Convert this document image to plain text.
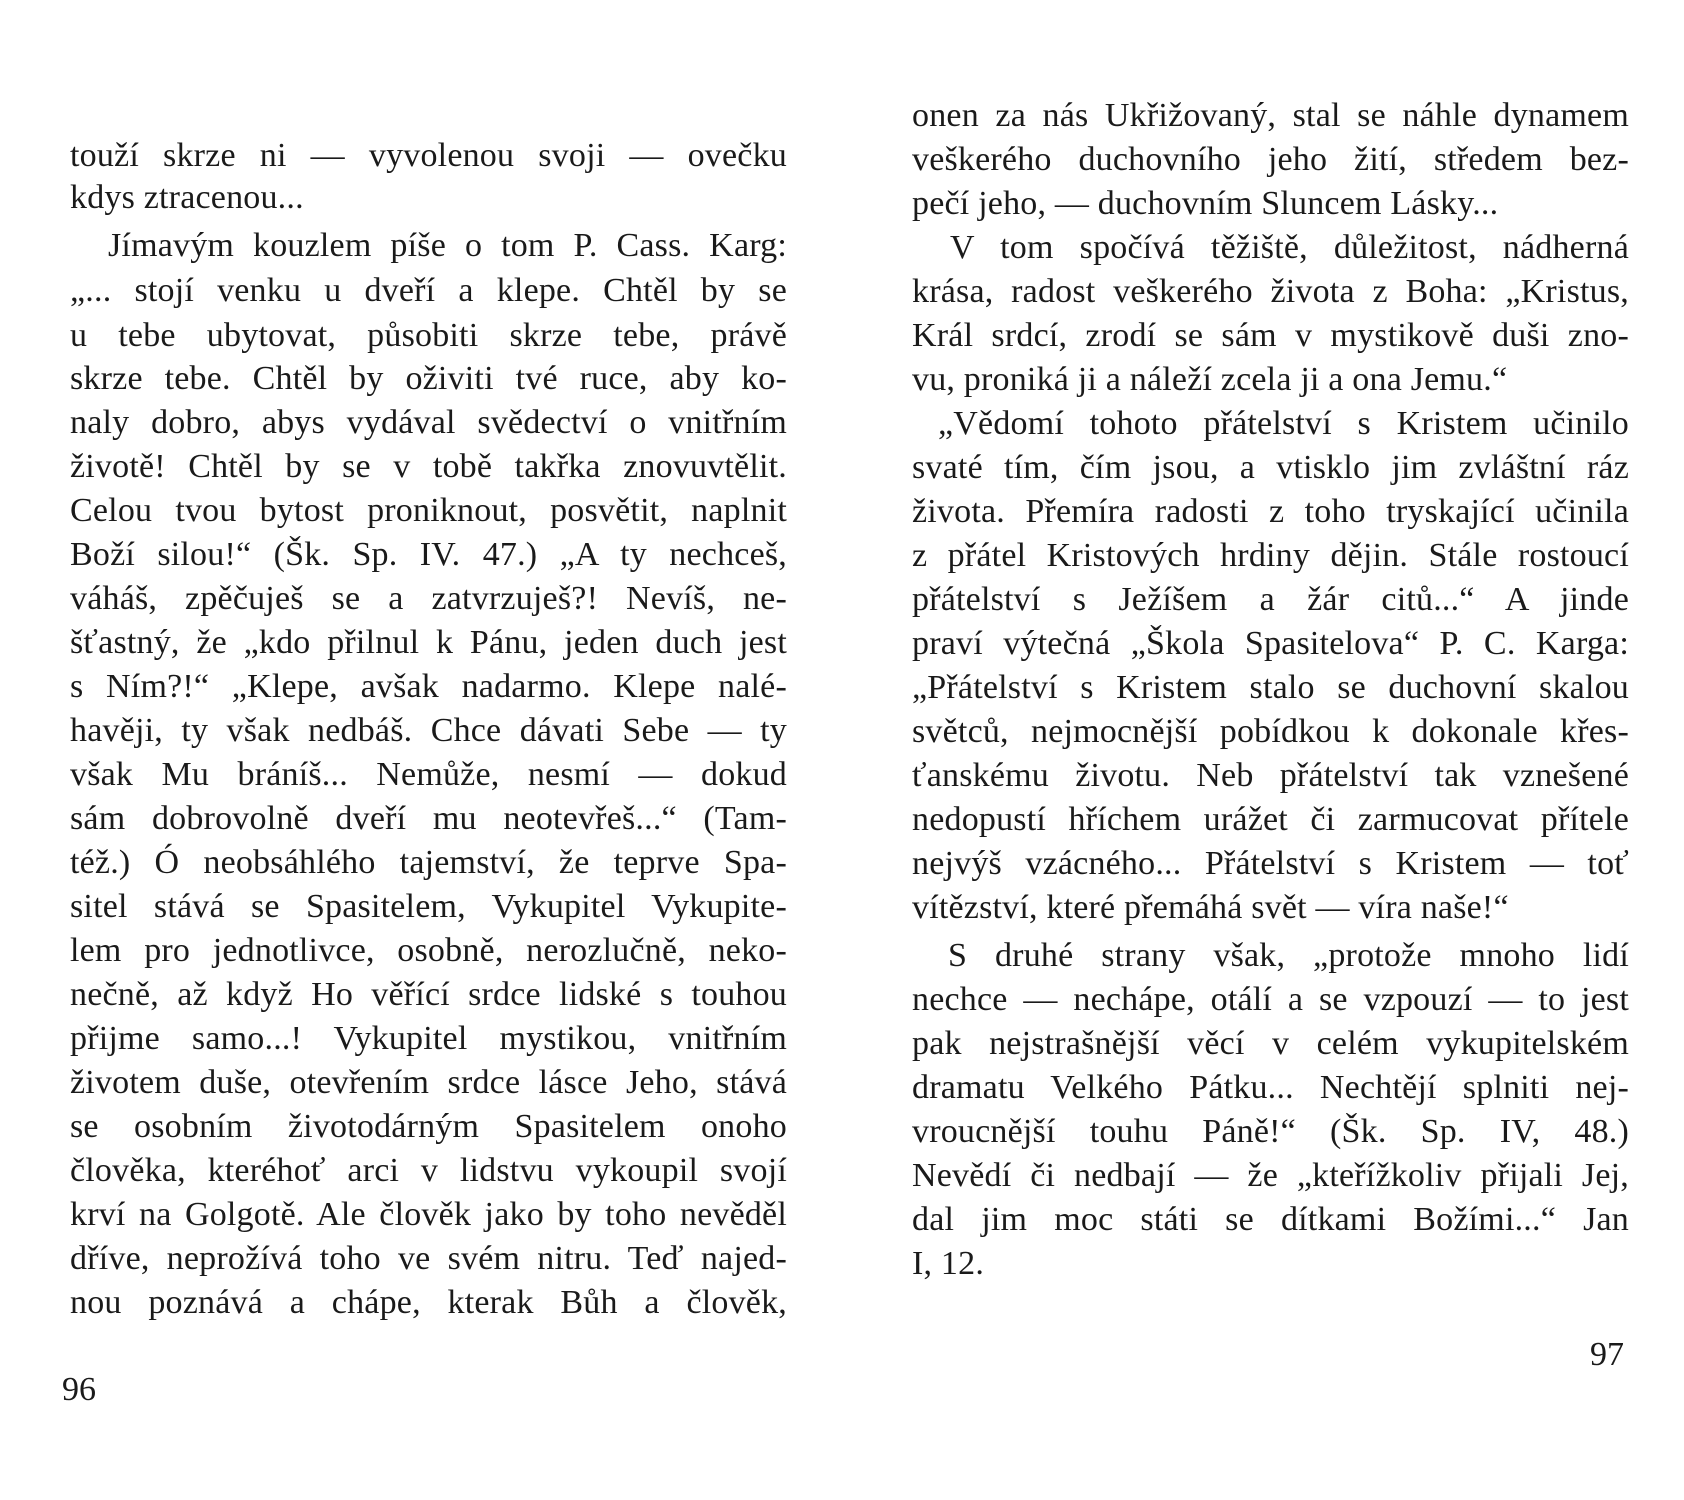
touží skrze ni — vyvolenou svoji — ovečku
kdys ztracenou...
Jímavým kouzlem píše o tom P. Cass. Karg:
„... stojí venku u dveří a klepe. Chtěl by se
u tebe ubytovat, působiti skrze tebe, právě
skrze tebe. Chtěl by oživiti tvé ruce, aby ko-
naly dobro, abys vydával svědectví o vnitřním
životě! Chtěl by se v tobě takřka znovuvtělit.
Celou tvou bytost proniknout, posvětit, naplnit
Boží silou!“ (Šk. Sp. IV. 47.) „A ty nechceš,
váháš, zpěčuješ se a zatvrzuješ?! Nevíš, ne-
šťastný, že „kdo přilnul k Pánu, jeden duch jest
s Ním?!“ „Klepe, avšak nadarmo. Klepe nalé-
havěji, ty však nedbáš. Chce dávati Sebe — ty
však Mu bráníš... Nemůže, nesmí — dokud
sám dobrovolně dveří mu neotevřeš...“ (Tam-
též.) Ó neobsáhlého tajemství, že teprve Spa-
sitel stává se Spasitelem, Vykupitel Vykupite-
lem pro jednotlivce, osobně, nerozlučně, neko-
nečně, až když Ho věřící srdce lidské s touhou
přijme samo...! Vykupitel mystikou, vnitřním
životem duše, otevřením srdce lásce Jeho, stává
se osobním životodárným Spasitelem onoho
člověka, kteréhoť arci v lidstvu vykoupil svojí
krví na Golgotě. Ale člověk jako by toho nevěděl
dříve, neprožívá toho ve svém nitru. Teď najed-
nou poznává a chápe, kterak Bůh a člověk,
96
onen za nás Ukřižovaný, stal se náhle dynamem
veškerého duchovního jeho žití, středem bez-
pečí jeho, — duchovním Sluncem Lásky...
V tom spočívá těžiště, důležitost, nádherná
krása, radost veškerého života z Boha: „Kristus,
Král srdcí, zrodí se sám v mystikově duši zno-
vu, proniká ji a náleží zcela ji a ona Jemu.“
„Vědomí tohoto přátelství s Kristem učinilo
svaté tím, čím jsou, a vtisklo jim zvláštní ráz
života. Přemíra radosti z toho tryskající učinila
z přátel Kristových hrdiny dějin. Stále rostoucí
přátelství s Ježíšem a žár citů...“ A jinde
praví výtečná „Škola Spasitelova“ P. C. Karga:
„Přátelství s Kristem stalo se duchovní skalou
světců, nejmocnější pobídkou k dokonale křes-
ťanskému životu. Neb přátelství tak vznešené
nedopustí hříchem urážet či zarmucovat přítele
nejvýš vzácného... Přátelství s Kristem — toť
vítězství, které přemáhá svět — víra naše!“
S druhé strany však, „protože mnoho lidí
nechce — nechápe, otálí a se vzpouzí — to jest
pak nejstrašnější věcí v celém vykupitelském
dramatu Velkého Pátku... Nechtějí splniti nej-
vroucnější touhu Páně!“ (Šk. Sp. IV, 48.)
Nevědí či nedbají — že „kteřížkoliv přijali Jej,
dal jim moc státi se dítkami Božími...“ Jan
I, 12.
97
